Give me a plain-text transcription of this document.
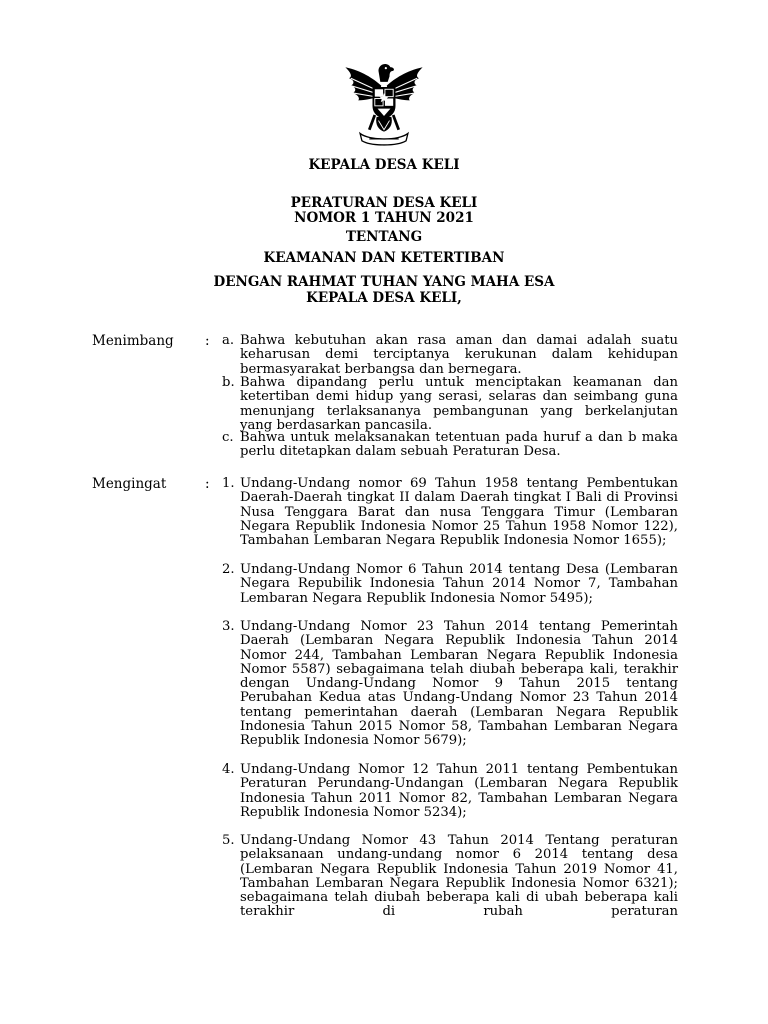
KEPALA DESA KELI
PERATURAN DESA KELI
NOMOR 1 TAHUN 2021
TENTANG
KEAMANAN DAN KETERTIBAN
DENGAN RAHMAT TUHAN YANG MAHA ESA
KEPALA DESA KELI,
Menimbang : a. Bahwa kebutuhan akan rasa aman dan damai adalah suatu keharusan demi terciptanya kerukunan dalam kehidupan bermasyarakat berbangsa dan bernegara.
b. Bahwa dipandang perlu untuk menciptakan keamanan dan ketertiban demi hidup yang serasi, selaras dan seimbang guna menunjang terlaksananya pembangunan yang berkelanjutan yang berdasarkan pancasila.
c. Bahwa untuk melaksanakan tetentuan pada huruf a dan b maka perlu ditetapkan dalam sebuah Peraturan Desa.
Mengingat	: 1. Undang-Undang nomor 69 Tahun 1958 tentang Pembentukan Daerah-Daerah tingkat II dalam Daerah tingkat I Bali di Provinsi Nusa Tenggara Barat dan nusa Tenggara Timur (Lembaran Negara Republik Indonesia Nomor 25 Tahun 1958 Nomor 122), Tambahan Lembaran Negara Republik Indonesia Nomor 1655);
2. Undang-Undang Nomor 6 Tahun 2014 tentang Desa (Lembaran Negara Repubilik Indonesia Tahun 2014 Nomor 7, Tambahan Lembaran Negara Republik Indonesia Nomor 5495);
3. Undang-Undang Nomor 23 Tahun 2014 tentang Pemerintah Daerah (Lembaran Negara Republik Indonesia Tahun 2014 Nomor 244, Tambahan Lembaran Negara Republik Indonesia Nomor 5587) sebagaimana telah diubah beberapa kali, terakhir dengan Undang-Undang Nomor 9 Tahun 2015 tentang Perubahan Kedua atas Undang-Undang Nomor 23 Tahun 2014 tentang pemerintahan daerah (Lembaran Negara Republik Indonesia Tahun 2015 Nomor 58, Tambahan Lembaran Negara Republik Indonesia Nomor 5679);
4. Undang-Undang Nomor 12 Tahun 2011 tentang Pembentukan Peraturan Perundang-Undangan (Lembaran Negara Republik Indonesia Tahun 2011 Nomor 82, Tambahan Lembaran Negara Republik Indonesia Nomor 5234);
5. Undang-Undang Nomor 43 Tahun 2014 Tentang peraturan pelaksanaan undang-undang nomor 6 2014 tentang desa (Lembaran Negara Republik Indonesia Tahun 2019 Nomor 41, Tambahan Lembaran Negara Republik Indonesia Nomor 6321); sebagaimana telah diubah beberapa kali di ubah beberapa kali terakhir di rubah peraturan
